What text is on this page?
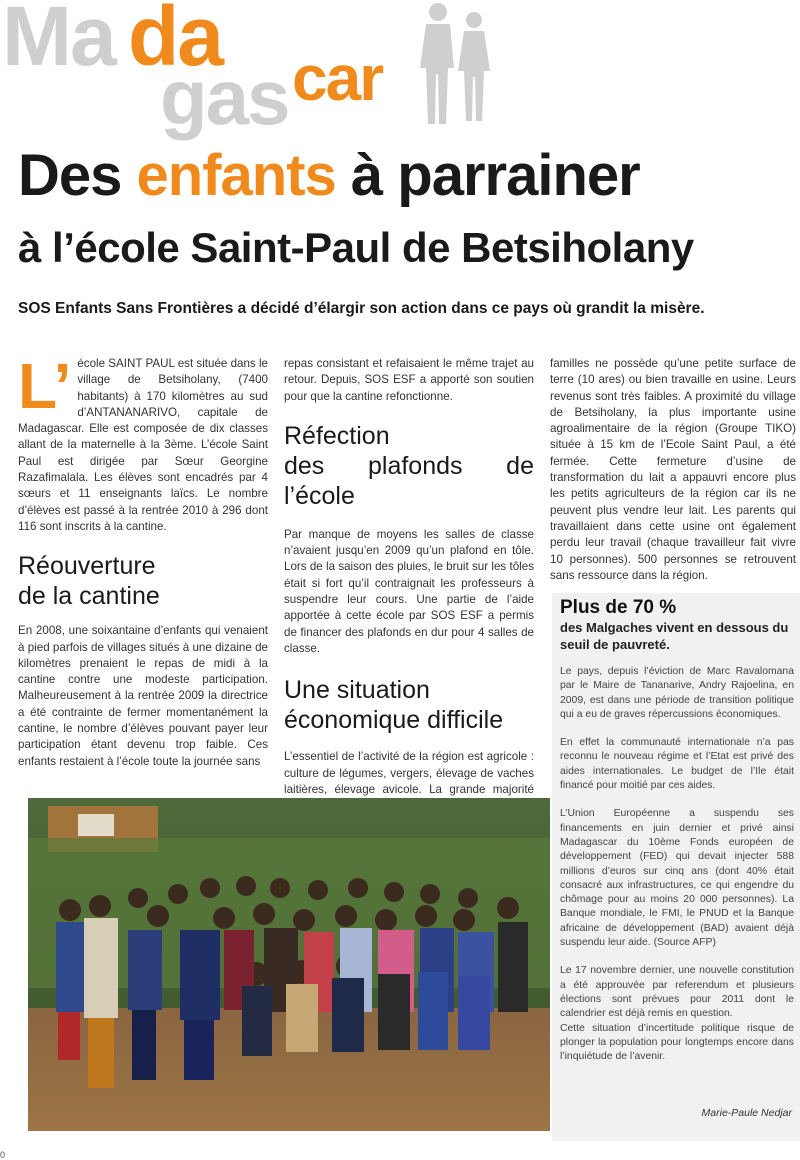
Ma da
gas car
Des enfants à parrainer
à l’école Saint-Paul de Betsiholany
SOS Enfants Sans Frontières a décidé d’élargir son action dans ce pays où grandit la misère.

L’ école SAINT PAUL est située dans le village de Betsiholany, (7400 habitants) à 170 kilomètres au sud d’ANTANANARIVO, capitale de Madagascar. Elle est composée de dix classes allant de la maternelle à la 3ème. L’école Saint Paul est dirigée par Sœur Georgine Razafimalala. Les élèves sont encadrés par 4 sœurs et 11 enseignants laïcs. Le nombre d’élèves est passé à la rentrée 2010 à 296 dont 116 sont inscrits à la cantine.

Réouverture
de la cantine

En 2008, une soixantaine d’enfants qui venaient à pied parfois de villages situés à une dizaine de kilomètres prenaient le repas de midi à la cantine contre une modeste participation. Malheureusement à la rentrée 2009 la directrice a été contrainte de fermer momentanément la cantine, le nombre d’élèves pouvant payer leur participation étant devenu trop faible. Ces enfants restaient à l’école toute la journée sans

repas consistant et refaisaient le même trajet au retour. Depuis, SOS ESF a apporté son soutien pour que la cantine refonctionne.

Réfection
des plafonds de l’école

Par manque de moyens les salles de classe n’avaient jusqu’en 2009 qu’un plafond en tôle. Lors de la saison des pluies, le bruit sur les tôles était si fort qu’il contraignait les professeurs à suspendre leur cours. Une partie de l’aide apportée à cette école par SOS ESF a permis de financer des plafonds en dur pour 4 salles de classe.

Une situation
économique difficile

L’essentiel de l’activité de la région est agricole : culture de légumes, vergers, élevage de vaches laitières, élevage avicole. La grande majorité

familles ne possède qu’une petite surface de terre (10 ares) ou bien travaille en usine. Leurs revenus sont très faibles. A proximité du village de Betsiholany, la plus importante usine agroalimentaire de la région (Groupe TIKO) située à 15 km de l’Ecole Saint Paul, a été fermée. Cette fermeture d’usine de transformation du lait a appauvri encore plus les petits agriculteurs de la région car ils ne peuvent plus vendre leur lait. Les parents qui travaillaient dans cette usine ont également perdu leur travail (chaque travailleur fait vivre 10 personnes). 500 personnes se retrouvent sans ressource dans la région.

Plus de 70 %
des Malgaches vivent en dessous du seuil de pauvreté.

Le pays, depuis l’éviction de Marc Ravalomana par le Maire de Tananarive, Andry Rajoelina, en 2009, est dans une période de transition politique qui a eu de graves répercussions économiques.

En effet la communauté internationale n’a pas reconnu le nouveau régime et l’Etat est privé des aides internationales. Le budget de l’Ile était financé pour moitié par ces aides.

L’Union Européenne a suspendu ses financements en juin dernier et privé ainsi Madagascar du 10ème Fonds européen de développement (FED) qui devait injecter 588 millions d’euros sur cinq ans (dont 40% était consacré aux infrastructures, ce qui engendre du chômage pour au moins 20 000 personnes). La Banque mondiale, le FMI, le PNUD et la Banque africaine de développement (BAD) avaient déjà suspendu leur aide. (Source AFP)

Le 17 novembre dernier, une nouvelle constitution a été approuvée par referendum et plusieurs élections sont prévues pour 2011 dont le calendrier est déjà remis en question.

Cette situation d’incertitude politique risque de plonger la population pour longtemps encore dans l’inquiétude de l’avenir.

Marie-Paule Nedjar
0
